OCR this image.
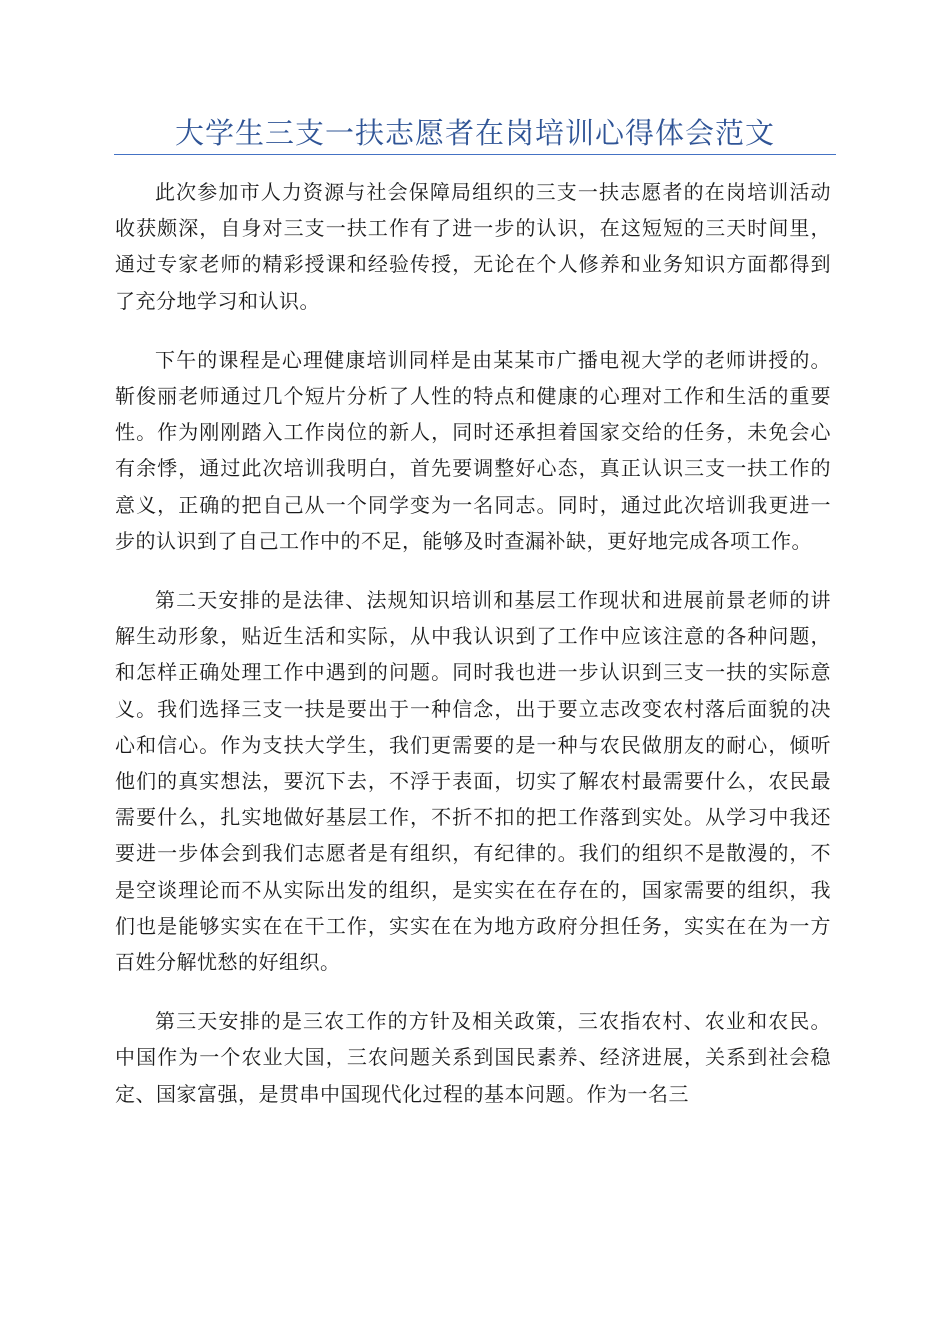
大学生三支一扶志愿者在岗培训心得体会范文

此次参加市人力资源与社会保障局组织的三支一扶志愿者的在岗培训活动收获颇深，自身对三支一扶工作有了进一步的认识，在这短短的三天时间里，通过专家老师的精彩授课和经验传授，无论在个人修养和业务知识方面都得到了充分地学习和认识。

下午的课程是心理健康培训同样是由某某市广播电视大学的老师讲授的。靳俊丽老师通过几个短片分析了人性的特点和健康的心理对工作和生活的重要性。作为刚刚踏入工作岗位的新人，同时还承担着国家交给的任务，未免会心有余悸，通过此次培训我明白，首先要调整好心态，真正认识三支一扶工作的意义，正确的把自己从一个同学变为一名同志。同时，通过此次培训我更进一步的认识到了自己工作中的不足，能够及时查漏补缺，更好地完成各项工作。

第二天安排的是法律、法规知识培训和基层工作现状和进展前景老师的讲解生动形象，贴近生活和实际，从中我认识到了工作中应该注意的各种问题，和怎样正确处理工作中遇到的问题。同时我也进一步认识到三支一扶的实际意义。我们选择三支一扶是要出于一种信念，出于要立志改变农村落后面貌的决心和信心。作为支扶大学生，我们更需要的是一种与农民做朋友的耐心，倾听他们的真实想法，要沉下去，不浮于表面，切实了解农村最需要什么，农民最需要什么，扎实地做好基层工作，不折不扣的把工作落到实处。从学习中我还要进一步体会到我们志愿者是有组织，有纪律的。我们的组织不是散漫的，不是空谈理论而不从实际出发的组织，是实实在在存在的，国家需要的组织，我们也是能够实实在在干工作，实实在在为地方政府分担任务，实实在在为一方百姓分解忧愁的好组织。

第三天安排的是三农工作的方针及相关政策，三农指农村、农业和农民。中国作为一个农业大国，三农问题关系到国民素养、经济进展，关系到社会稳定、国家富强，是贯串中国现代化过程的基本问题。作为一名三
